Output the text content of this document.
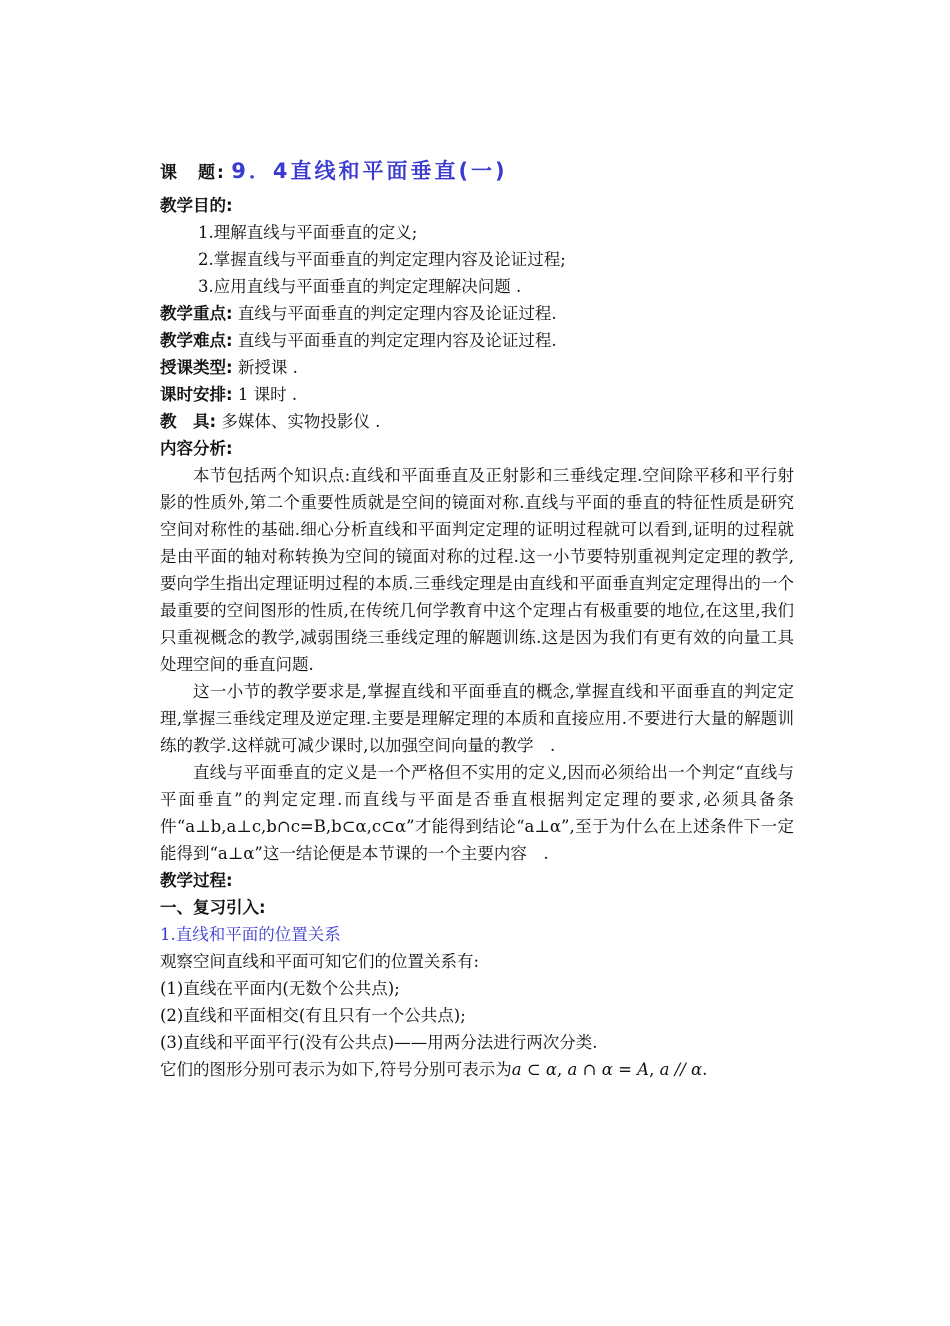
课　题: 9．4直线和平面垂直(一)
教学目的:
1.理解直线与平面垂直的定义;
2.掌握直线与平面垂直的判定定理内容及论证过程;
3.应用直线与平面垂直的判定定理解决问题 .
教学重点: 直线与平面垂直的判定定理内容及论证过程.
教学难点: 直线与平面垂直的判定定理内容及论证过程.
授课类型: 新授课 .
课时安排: 1 课时 .
教　具: 多媒体、实物投影仪 .
内容分析:

本节包括两个知识点:直线和平面垂直及正射影和三垂线定理.空间除平移和平行射影的性质外,第二个重要性质就是空间的镜面对称.直线与平面的垂直的特征性质是研究空间对称性的基础.细心分析直线和平面判定定理的证明过程就可以看到,证明的过程就是由平面的轴对称转换为空间的镜面对称的过程.这一小节要特别重视判定定理的教学,要向学生指出定理证明过程的本质.三垂线定理是由直线和平面垂直判定定理得出的一个最重要的空间图形的性质,在传统几何学教育中这个定理占有极重要的地位,在这里,我们只重视概念的教学,减弱围绕三垂线定理的解题训练.这是因为我们有更有效的向量工具处理空间的垂直问题.

这一小节的教学要求是,掌握直线和平面垂直的概念,掌握直线和平面垂直的判定定理,掌握三垂线定理及逆定理.主要是理解定理的本质和直接应用.不要进行大量的解题训练的教学.这样就可减少课时,以加强空间向量的教学　.

直线与平面垂直的定义是一个严格但不实用的定义,因而必须给出一个判定“直线与平面垂直”的判定定理.而直线与平面是否垂直根据判定定理的要求,必须具备条件“a⊥b,a⊥c,b∩c=B,b⊂α,c⊂α”才能得到结论“a⊥α”,至于为什么在上述条件下一定能得到“a⊥α”这一结论便是本节课的一个主要内容　.

教学过程:
一、复习引入:
1.直线和平面的位置关系
观察空间直线和平面可知它们的位置关系有:
(1)直线在平面内(无数个公共点);
(2)直线和平面相交(有且只有一个公共点);
(3)直线和平面平行(没有公共点)——用两分法进行两次分类.
它们的图形分别可表示为如下,符号分别可表示为a ⊂ α, a ∩ α = A, a // α.
